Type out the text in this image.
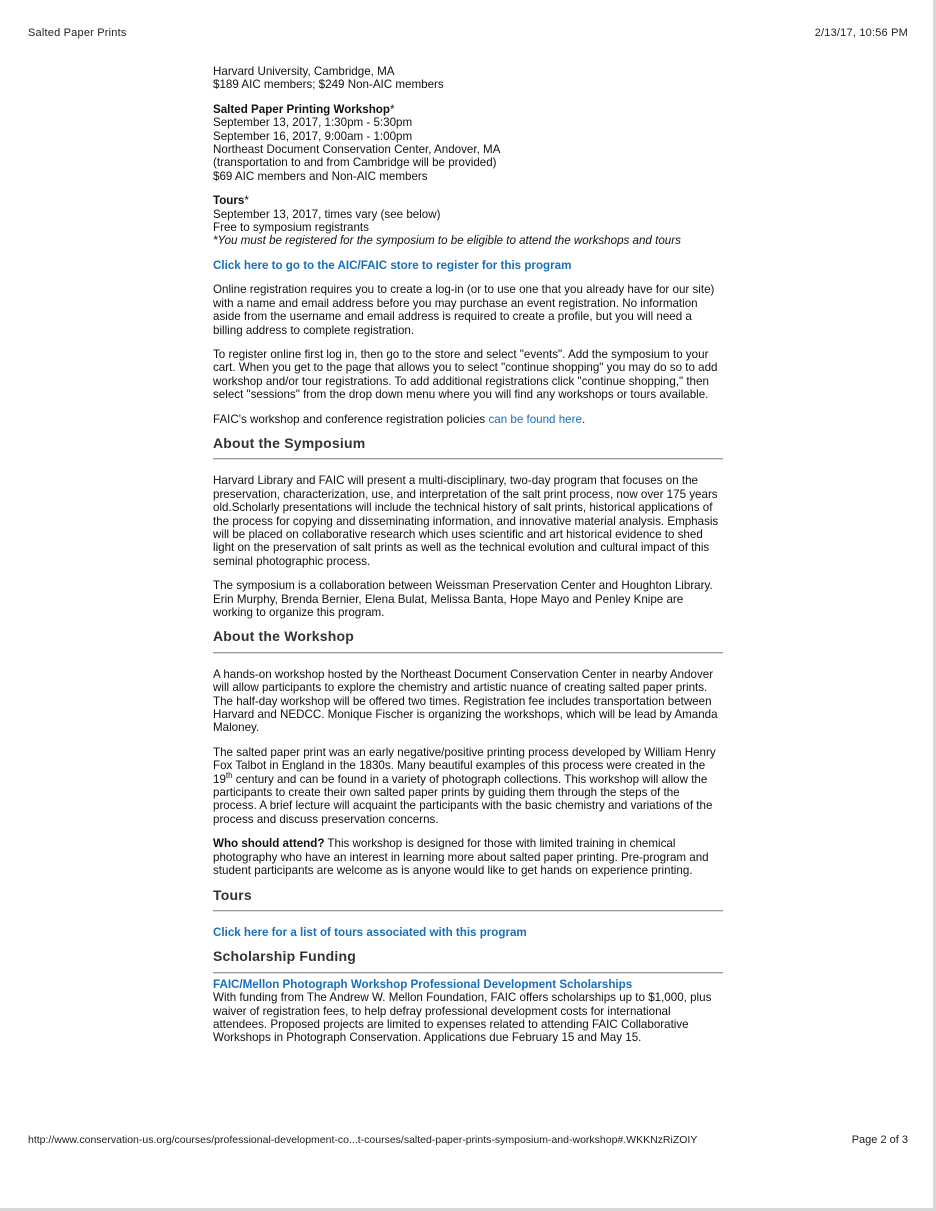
Salted Paper Prints	2/13/17, 10:56 PM

Harvard University, Cambridge, MA
$189 AIC members; $249 Non-AIC members

Salted Paper Printing Workshop*
September 13, 2017, 1:30pm - 5:30pm
September 16, 2017, 9:00am - 1:00pm
Northeast Document Conservation Center, Andover, MA
(transportation to and from Cambridge will be provided)
$69 AIC members and Non-AIC members

Tours*
September 13, 2017, times vary (see below)
Free to symposium registrants
*You must be registered for the symposium to be eligible to attend the workshops and tours

Click here to go to the AIC/FAIC store to register for this program

Online registration requires you to create a log-in (or to use one that you already have for our site) with a name and email address before you may purchase an event registration. No information aside from the username and email address is required to create a profile, but you will need a billing address to complete registration.

To register online first log in, then go to the store and select "events". Add the symposium to your cart. When you get to the page that allows you to select "continue shopping" you may do so to add workshop and/or tour registrations. To add additional registrations click "continue shopping," then select "sessions" from the drop down menu where you will find any workshops or tours available.

FAIC's workshop and conference registration policies can be found here.

About the Symposium

Harvard Library and FAIC will present a multi-disciplinary, two-day program that focuses on the preservation, characterization, use, and interpretation of the salt print process, now over 175 years old.Scholarly presentations will include the technical history of salt prints, historical applications of the process for copying and disseminating information, and innovative material analysis. Emphasis will be placed on collaborative research which uses scientific and art historical evidence to shed light on the preservation of salt prints as well as the technical evolution and cultural impact of this seminal photographic process.

The symposium is a collaboration between Weissman Preservation Center and Houghton Library. Erin Murphy, Brenda Bernier, Elena Bulat, Melissa Banta, Hope Mayo and Penley Knipe are working to organize this program.

About the Workshop

A hands-on workshop hosted by the Northeast Document Conservation Center in nearby Andover will allow participants to explore the chemistry and artistic nuance of creating salted paper prints. The half-day workshop will be offered two times. Registration fee includes transportation between Harvard and NEDCC. Monique Fischer is organizing the workshops, which will be lead by Amanda Maloney.

The salted paper print was an early negative/positive printing process developed by William Henry Fox Talbot in England in the 1830s. Many beautiful examples of this process were created in the 19th century and can be found in a variety of photograph collections. This workshop will allow the participants to create their own salted paper prints by guiding them through the steps of the process. A brief lecture will acquaint the participants with the basic chemistry and variations of the process and discuss preservation concerns.

Who should attend? This workshop is designed for those with limited training in chemical photography who have an interest in learning more about salted paper printing. Pre-program and student participants are welcome as is anyone would like to get hands on experience printing.

Tours

Click here for a list of tours associated with this program

Scholarship Funding

FAIC/Mellon Photograph Workshop Professional Development Scholarships
With funding from The Andrew W. Mellon Foundation, FAIC offers scholarships up to $1,000, plus waiver of registration fees, to help defray professional development costs for international attendees. Proposed projects are limited to expenses related to attending FAIC Collaborative Workshops in Photograph Conservation. Applications due February 15 and May 15.

http://www.conservation-us.org/courses/professional-development-co...t-courses/salted-paper-prints-symposium-and-workshop#.WKKNzRiZOIY	Page 2 of 3
